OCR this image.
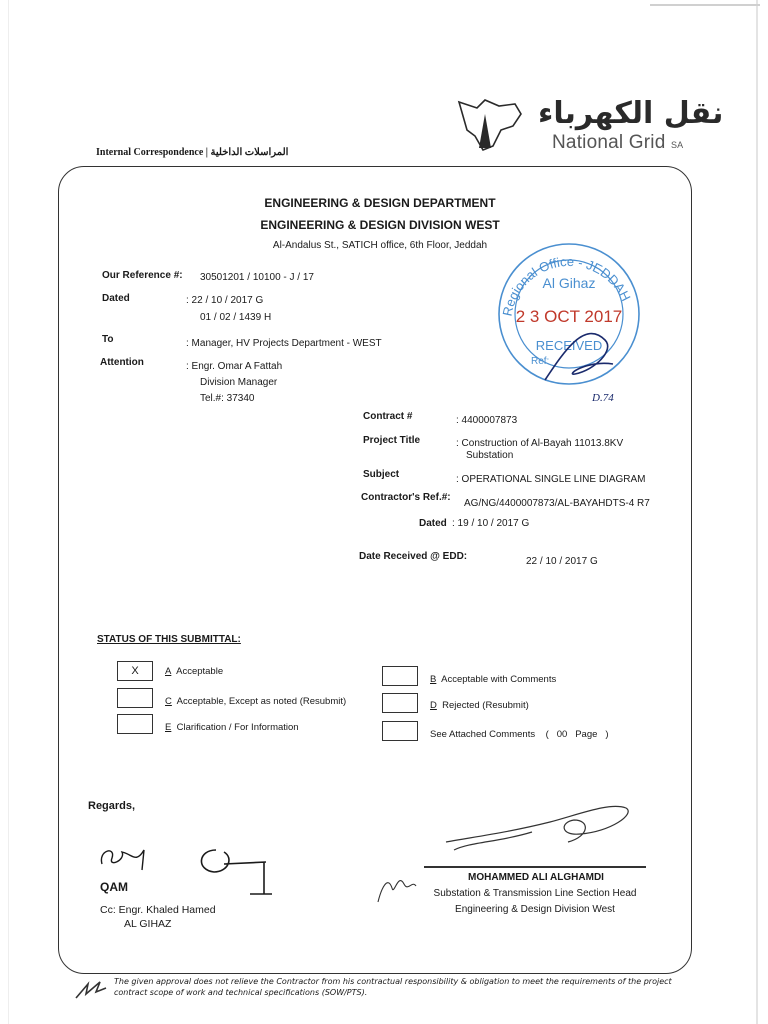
نقل الكهرباء
National Grid SA
Internal Correspondence | المراسلات الداخلية
ENGINEERING & DESIGN DEPARTMENT
ENGINEERING & DESIGN DIVISION WEST
Al-Andalus St., SATICH office, 6th Floor, Jeddah
Our Reference #: 30501201 / 10100 - J / 17
Dated	: 22 / 10 / 2017 G
01 / 02 / 1439 H
To	: Manager, HV Projects Department - WEST
Attention	: Engr. Omar A Fattah
Division Manager
Tel.#: 37340
Regional Office - JEDDAH
Al Gihaz
2 3 OCT 2017
RECEIVED
Ref:
D.74
Contract #	: 4400007873
Project Title	: Construction of Al-Bayah 11013.8KV
Substation
Subject	: OPERATIONAL SINGLE LINE DIAGRAM
Contractor's Ref.#:
AG/NG/4400007873/AL-BAYAHDTS-4 R7
Dated : 19 / 10 / 2017 G
Date Received @ EDD:	22 / 10 / 2017 G
STATUS OF THIS SUBMITTAL:
X	A Acceptable
C Acceptable, Except as noted (Resubmit)
E Clarification / For Information
B Acceptable with Comments
D Rejected (Resubmit)
See Attached Comments    (   00   Page   )
Regards,
QAM
Cc: Engr. Khaled Hamed
AL GIHAZ
MOHAMMED ALI ALGHAMDI
Substation & Transmission Line Section Head
Engineering & Design Division West
The given approval does not relieve the Contractor from his contractual responsibility & obligation to meet the requirements of the project contract scope of work and technical specifications (SOW/PTS).
